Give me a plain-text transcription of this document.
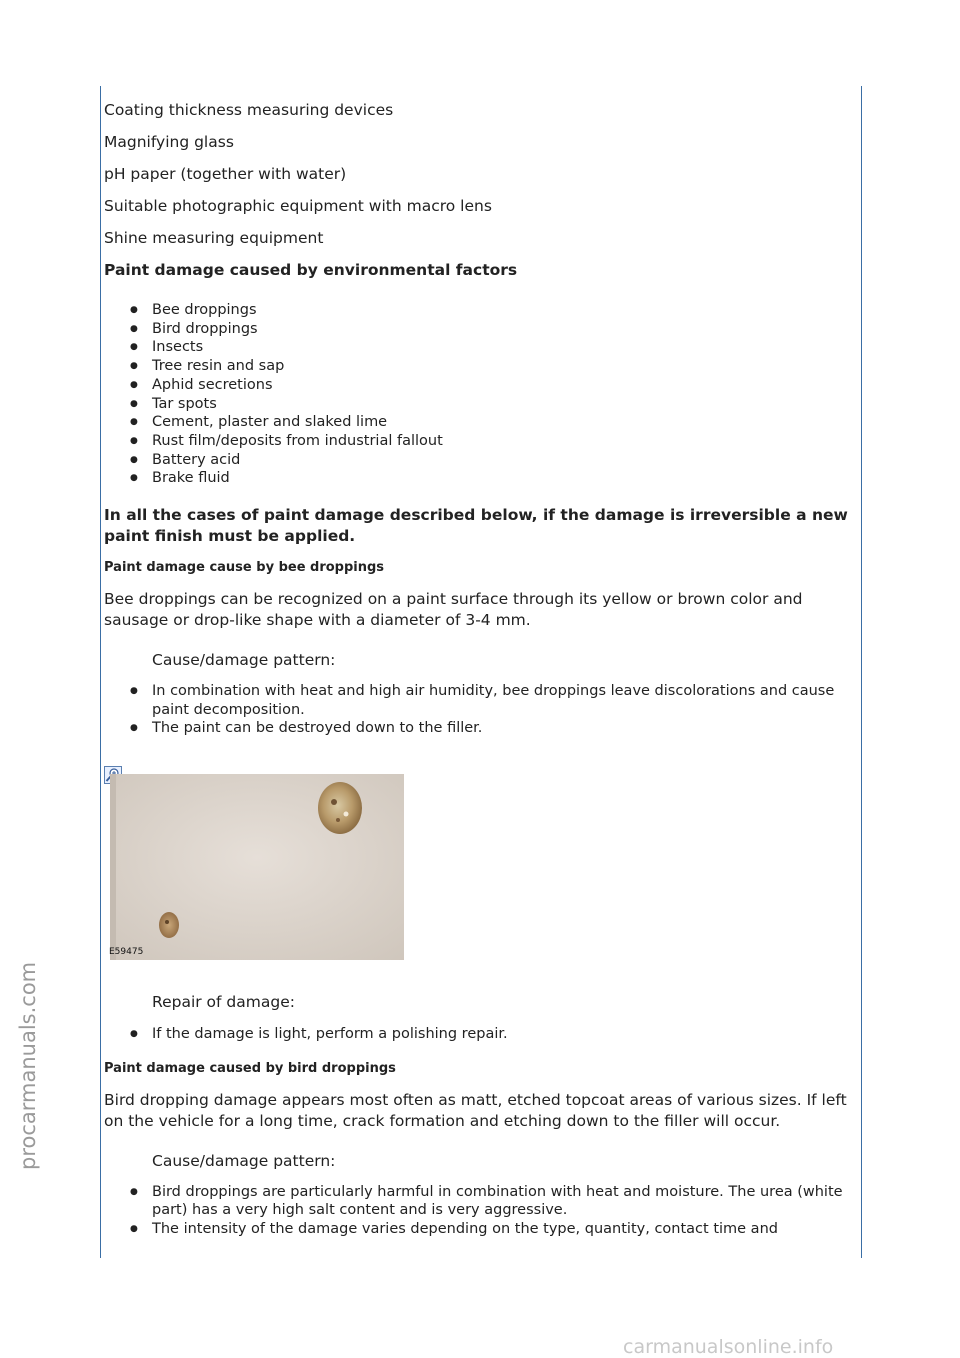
Coating thickness measuring devices

Magnifying glass

pH paper (together with water)

Suitable photographic equipment with macro lens

Shine measuring equipment

Paint damage caused by environmental factors

● Bee droppings
● Bird droppings
● Insects
● Tree resin and sap
● Aphid secretions
● Tar spots
● Cement, plaster and slaked lime
● Rust film/deposits from industrial fallout
● Battery acid
● Brake fluid

In all the cases of paint damage described below, if the damage is irreversible a new paint finish must be applied.

Paint damage cause by bee droppings

Bee droppings can be recognized on a paint surface through its yellow or brown color and sausage or drop-like shape with a diameter of 3-4 mm.

Cause/damage pattern:

● In combination with heat and high air humidity, bee droppings leave discolorations and cause paint decomposition.
● The paint can be destroyed down to the filler.
E59475

Repair of damage:

● If the damage is light, perform a polishing repair.

Paint damage caused by bird droppings

Bird dropping damage appears most often as matt, etched topcoat areas of various sizes. If left on the vehicle for a long time, crack formation and etching down to the filler will occur.

Cause/damage pattern:

● Bird droppings are particularly harmful in combination with heat and moisture. The urea (white part) has a very high salt content and is very aggressive.
● The intensity of the damage varies depending on the type, quantity, contact time and
procarmanuals.com
carmanualsonline.info
